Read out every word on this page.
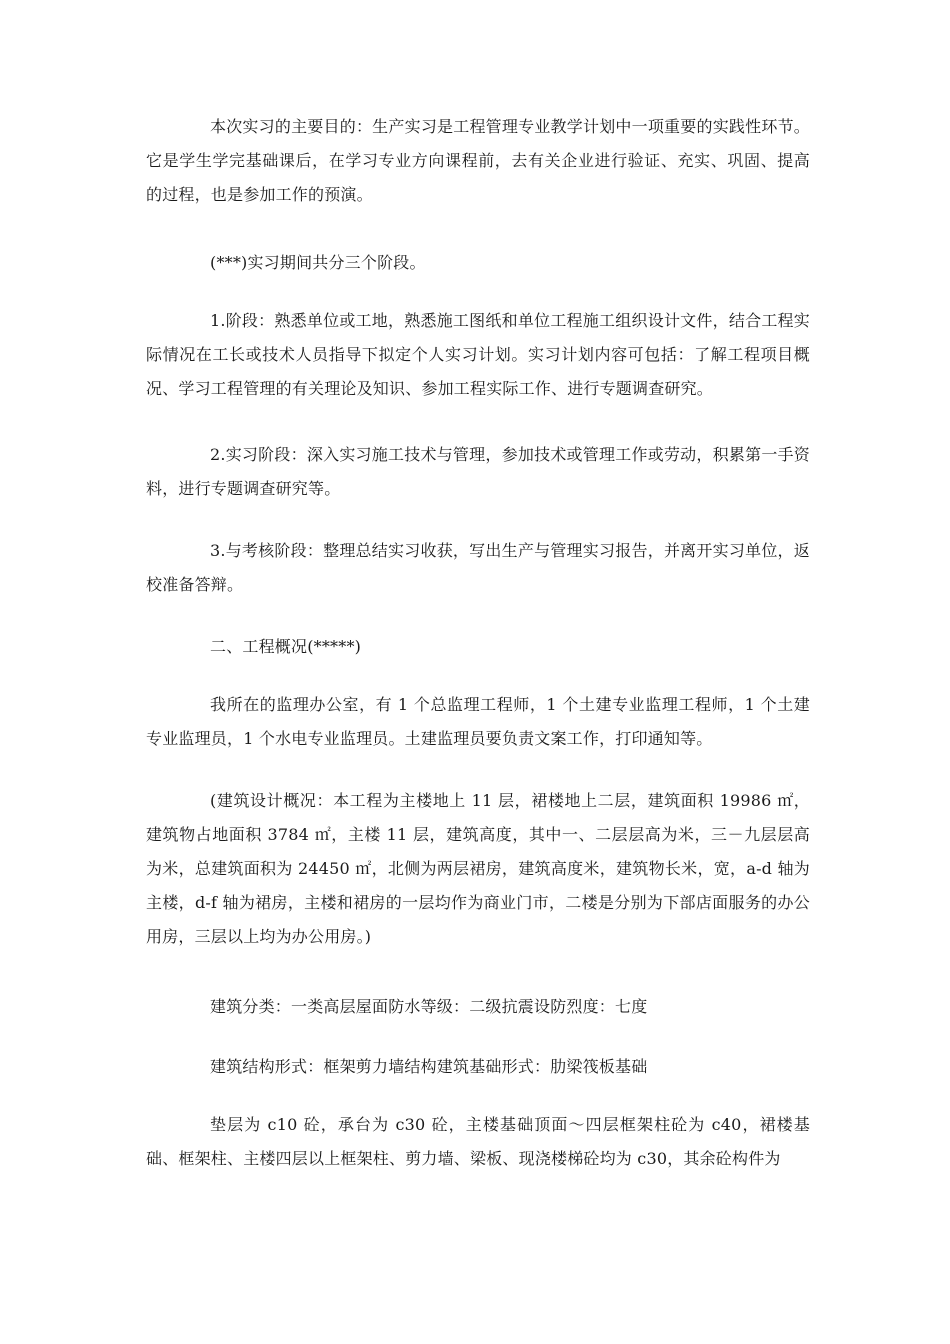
本次实习的主要目的：生产实习是工程管理专业教学计划中一项重要的实践性环节。它是学生学完基础课后，在学习专业方向课程前，去有关企业进行验证、充实、巩固、提高的过程，也是参加工作的预演。

(***)实习期间共分三个阶段。

1.阶段：熟悉单位或工地，熟悉施工图纸和单位工程施工组织设计文件，结合工程实际情况在工长或技术人员指导下拟定个人实习计划。实习计划内容可包括：了解工程项目概况、学习工程管理的有关理论及知识、参加工程实际工作、进行专题调查研究。

2.实习阶段：深入实习施工技术与管理，参加技术或管理工作或劳动，积累第一手资料，进行专题调查研究等。

3.与考核阶段：整理总结实习收获，写出生产与管理实习报告，并离开实习单位，返校准备答辩。

二、工程概况(*****)

我所在的监理办公室，有 1 个总监理工程师，1 个土建专业监理工程师，1 个土建专业监理员，1 个水电专业监理员。土建监理员要负责文案工作，打印通知等。

(建筑设计概况：本工程为主楼地上 11 层，裙楼地上二层，建筑面积 19986 ㎡，建筑物占地面积 3784 ㎡，主楼 11 层，建筑高度，其中一、二层层高为米，三－九层层高为米，总建筑面积为 24450 ㎡，北侧为两层裙房，建筑高度米，建筑物长米，宽，a-d 轴为主楼，d-f 轴为裙房，主楼和裙房的一层均作为商业门市，二楼是分别为下部店面服务的办公用房，三层以上均为办公用房。)

建筑分类：一类高层屋面防水等级：二级抗震设防烈度：七度

建筑结构形式：框架剪力墙结构建筑基础形式：肋梁筏板基础

垫层为 c10 砼，承台为 c30 砼，主楼基础顶面～四层框架柱砼为 c40，裙楼基础、框架柱、主楼四层以上框架柱、剪力墙、梁板、现浇楼梯砼均为 c30，其余砼构件为
